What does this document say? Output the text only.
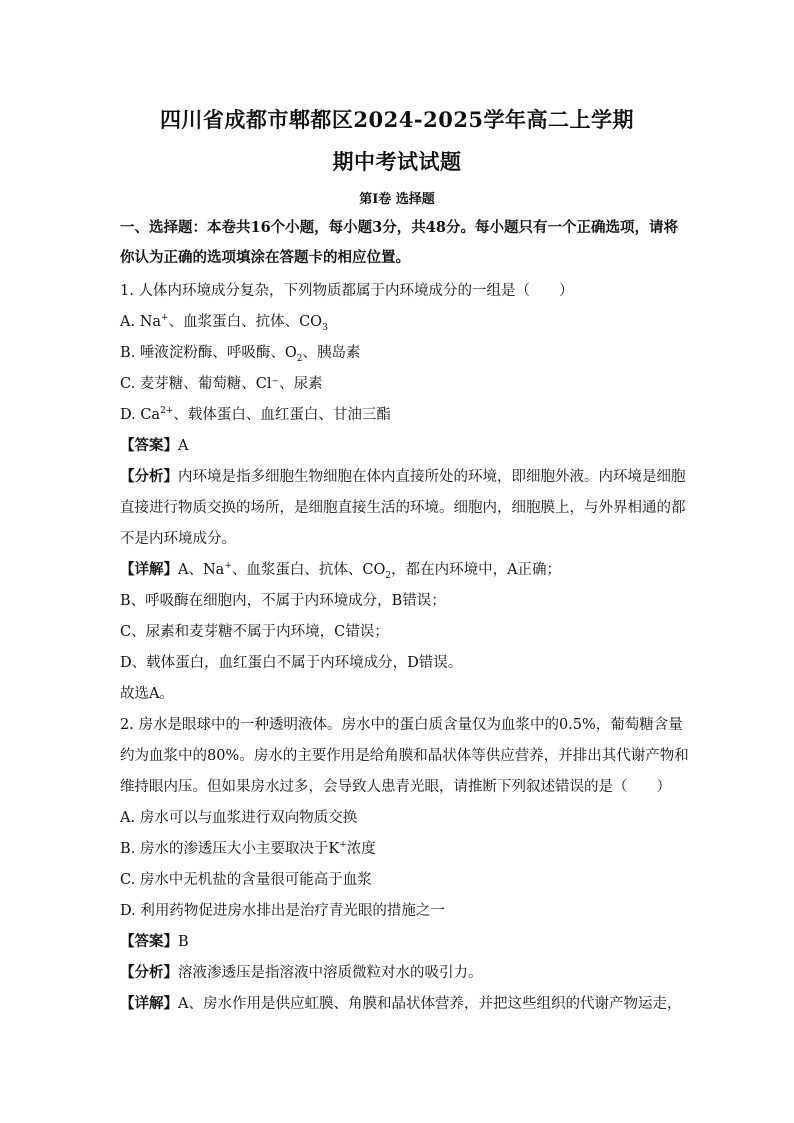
四川省成都市郫都区2024-2025学年高二上学期
期中考试试题
第Ⅰ卷 选择题
一、选择题：本卷共16个小题，每小题3分，共48分。每小题只有一个正确选项，请将
你认为正确的选项填涂在答题卡的相应位置。
1. 人体内环境成分复杂，下列物质都属于内环境成分的一组是（　　）
A. Na+、血浆蛋白、抗体、$CO_3$
B. 唾液淀粉酶、呼吸酶、$O_2$、胰岛素
C. 麦芽糖、葡萄糖、Cl⁻、尿素
D. $Ca^{2+}$、载体蛋白、血红蛋白、甘油三酯
【答案】A
【分析】内环境是指多细胞生物细胞在体内直接所处的环境，即细胞外液。内环境是细胞
直接进行物质交换的场所，是细胞直接生活的环境。细胞内，细胞膜上，与外界相通的都
不是内环境成分。
【详解】A、Na+、血浆蛋白、抗体、$CO_2$，都在内环境中，A正确；
B、呼吸酶在细胞内，不属于内环境成分，B错误；
C、尿素和麦芽糖不属于内环境，C错误；
D、载体蛋白，血红蛋白不属于内环境成分，D错误。
故选A。
2. 房水是眼球中的一种透明液体。房水中的蛋白质含量仅为血浆中的0.5%，葡萄糖含量
约为血浆中的80%。房水的主要作用是给角膜和晶状体等供应营养，并排出其代谢产物和
维持眼内压。但如果房水过多，会导致人患青光眼，请推断下列叙述错误的是（　　）
A. 房水可以与血浆进行双向物质交换
B. 房水的渗透压大小主要取决于K+浓度
C. 房水中无机盐的含量很可能高于血浆
D. 利用药物促进房水排出是治疗青光眼的措施之一
【答案】B
【分析】溶液渗透压是指溶液中溶质微粒对水的吸引力。
【详解】A、房水作用是供应虹膜、角膜和晶状体营养，并把这些组织的代谢产物运走，
